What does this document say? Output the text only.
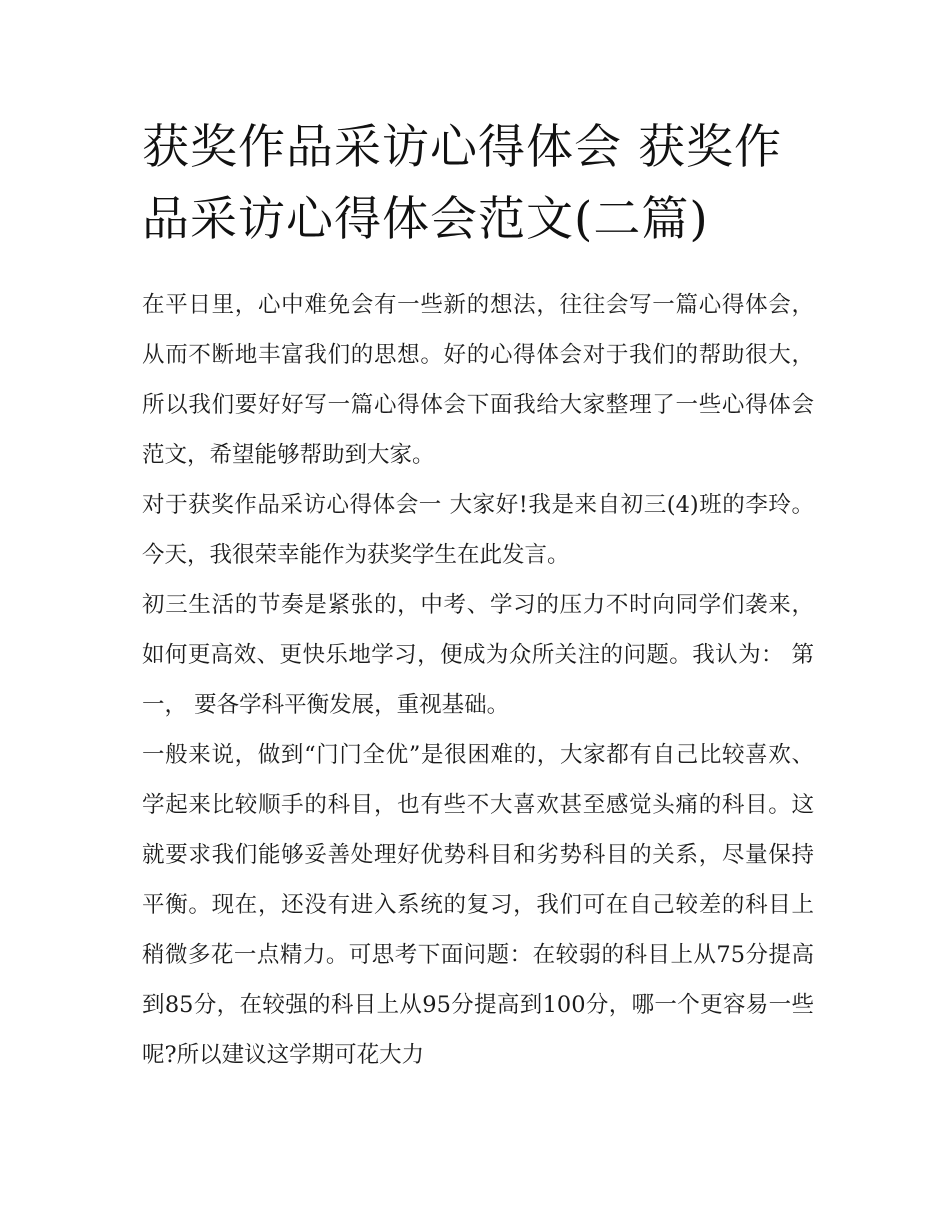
获奖作品采访心得体会 获奖作品采访心得体会范文(二篇)

在平日里，心中难免会有一些新的想法，往往会写一篇心得体会，从而不断地丰富我们的思想。好的心得体会对于我们的帮助很大，所以我们要好好写一篇心得体会下面我给大家整理了一些心得体会范文，希望能够帮助到大家。

对于获奖作品采访心得体会一 大家好!我是来自初三(4)班的李玲。今天，我很荣幸能作为获奖学生在此发言。

初三生活的节奏是紧张的，中考、学习的压力不时向同学们袭来，如何更高效、更快乐地学习，便成为众所关注的问题。我认为： 第一， 要各学科平衡发展，重视基础。

一般来说，做到“门门全优”是很困难的，大家都有自己比较喜欢、学起来比较顺手的科目，也有些不大喜欢甚至感觉头痛的科目。这就要求我们能够妥善处理好优势科目和劣势科目的关系，尽量保持平衡。现在，还没有进入系统的复习，我们可在自己较差的科目上稍微多花一点精力。可思考下面问题：在较弱的科目上从75分提高到85分，在较强的科目上从95分提高到100分，哪一个更容易一些呢?所以建议这学期可花大力
